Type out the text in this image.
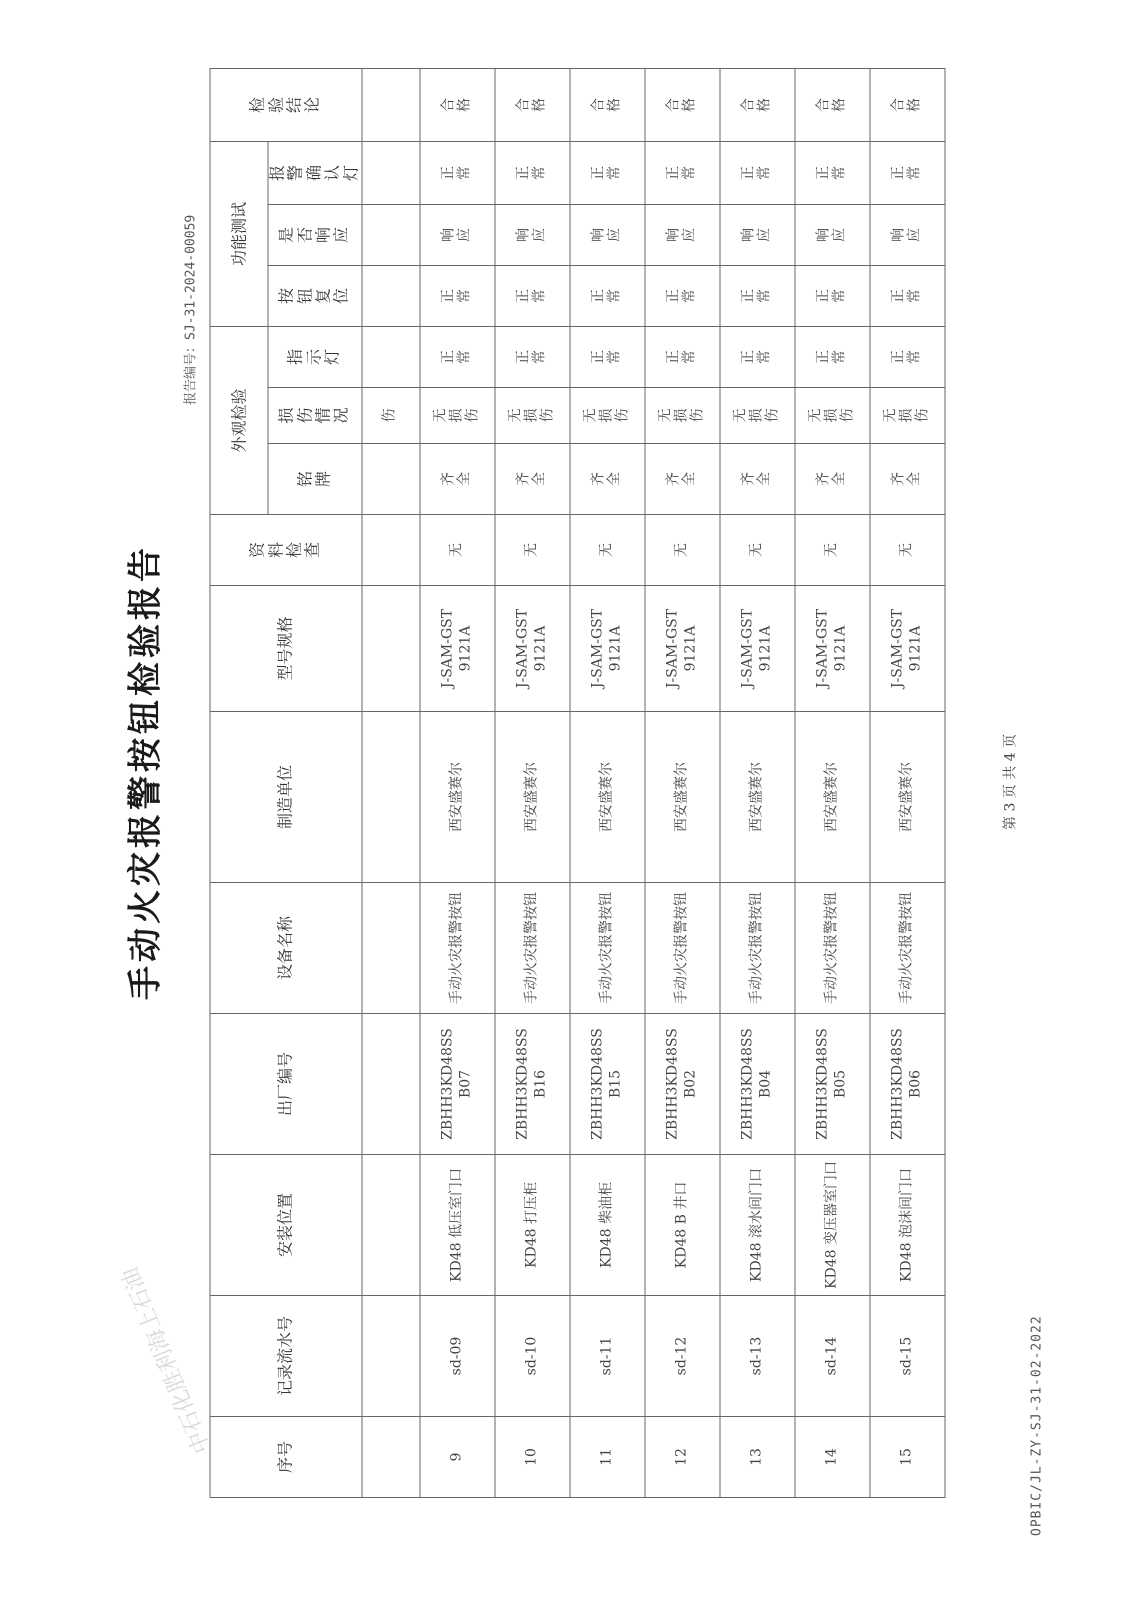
手动火灾报警按钮检验报告
报告编号：SJ-31-2024-00059
OPBIC/JL-ZY-SJ-31-02-2022
中石化胜利海上石油
序号	记录流水号	安装位置	出厂编号	设备名称	制造单位	型号规格	资料检查	外观检验			功能测试			检验结论
								铭牌	损伤情况	指示灯	按钮复位	是否响应	报警确认灯	
									伤					
9	sd-09	KD48 低压室门口	ZBHH3KD48SS B07	手动火灾报警按钮	西安盛赛尔	J-SAM-GST 9121A	无	齐全	无损伤	正常	正常	响应	正常	合格
10	sd-10	KD48 打压柜	ZBHH3KD48SS B16	手动火灾报警按钮	西安盛赛尔	J-SAM-GST 9121A	无	齐全	无损伤	正常	正常	响应	正常	合格
11	sd-11	KD48 柴油柜	ZBHH3KD48SS B15	手动火灾报警按钮	西安盛赛尔	J-SAM-GST 9121A	无	齐全	无损伤	正常	正常	响应	正常	合格
12	sd-12	KD48 B 井口	ZBHH3KD48SS B02	手动火灾报警按钮	西安盛赛尔	J-SAM-GST 9121A	无	齐全	无损伤	正常	正常	响应	正常	合格
13	sd-13	KD48 滚水间门口	ZBHH3KD48SS B04	手动火灾报警按钮	西安盛赛尔	J-SAM-GST 9121A	无	齐全	无损伤	正常	正常	响应	正常	合格
14	sd-14	KD48 变压器室门口	ZBHH3KD48SS B05	手动火灾报警按钮	西安盛赛尔	J-SAM-GST 9121A	无	齐全	无损伤	正常	正常	响应	正常	合格
15	sd-15	KD48 泡沫间门口	ZBHH3KD48SS B06	手动火灾报警按钮	西安盛赛尔	J-SAM-GST 9121A	无	齐全	无损伤	正常	正常	响应	正常	合格
第 3 页 共 4 页
